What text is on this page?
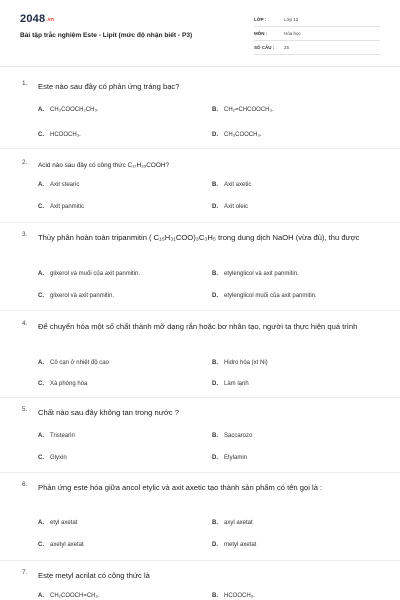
2048.vn
Bài tập trắc nghiệm Este - Lipit (mức độ nhận biết - P3)
LỚP :	Lớp 12
MÔN :	Hóa học
SỐ CÂU : 25
1. Este nào sau đây có phản ứng tráng bạc?
A. CH₃COOCH₂CH₃.	B. CH₂=CHCOOCH₃.
C. HCOOCH₃.	D. CH₃COOCH₃.
2. Acid nào sau đây có công thức C₁₇H₃₅COOH?
A. Axit stearic	B. Axit axetic
C. Axit panmitic	D. Axit oleic
3. Thủy phân hoàn toàn tripanmitin ( C₁₅H₃₁COO)₃C₃H₅ trong dung dịch NaOH (vừa đủ), thu được
A. glixerol và muối của axit panmitin.	B. etylenglicol và axit panmitin.
C. glixerol và axit panmitin.	D. etylenglicol muối của axit panmitin.
4. Để chuyển hóa một số chất thành mỡ dạng rắn hoặc bơ nhân tạo, người ta thực hiện quá trình
A. Cô cạn ở nhiệt độ cao	B. Hidro hóa (xt Ni)
C. Xà phòng hóa	D. Làm lạnh
5. Chất nào sau đây không tan trong nước ?
A. Tristearin	B. Saccarozo
C. Glyxin	D. Etylamin
6. Phản ứng este hóa giữa ancol etylic và axit axetic tạo thành sản phẩm có tên gọi là :
A. etyl axetat	B. axyl axetat
C. axetyl axetat	D. metyl axetat
7. Este metyl acrilat có công thức là
A. CH₂COOCH=CH₂.	B. HCOOCH₃.
